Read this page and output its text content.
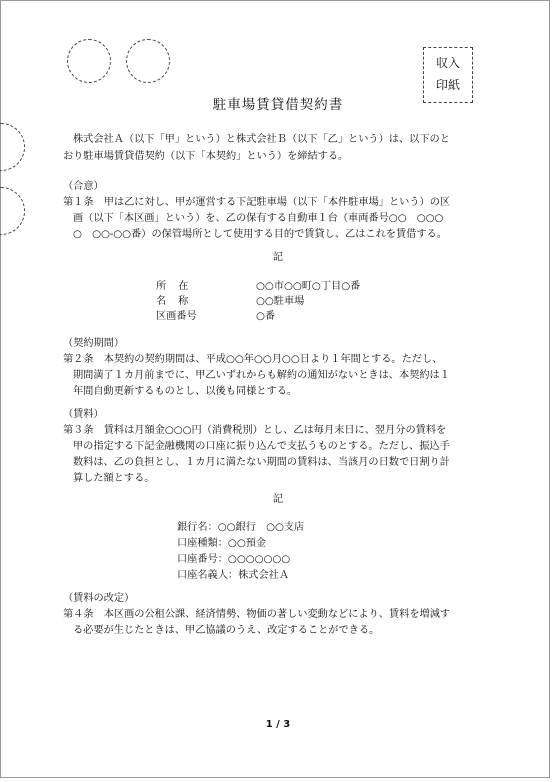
収入
印紙
駐車場賃貸借契約書
株式会社Ａ（以下「甲」という）と株式会社Ｂ（以下「乙」という）は、以下のと
おり駐車場賃貸借契約（以下「本契約」という）を締結する。
（合意）
第１条　甲は乙に対し、甲が運営する下記駐車場（以下「本件駐車場」という）の区
画（以下「本区画」という）を、乙の保有する自動車１台（車両番号○○　○○○
○　○○-○○番）の保管場所として使用する目的で賃貸し、乙はこれを賃借する。
記
所在	○○市○○町○丁目○番
名称	○○駐車場
区画番号	○番
（契約期間）
第２条　本契約の契約期間は、平成○○年○○月○○日より１年間とする。ただし、
期間満了１カ月前までに、甲乙いずれからも解約の通知がないときは、本契約は１
年間自動更新するものとし、以後も同様とする。
（賃料）
第３条　賃料は月額金○○○円（消費税別）とし、乙は毎月末日に、翌月分の賃料を
甲の指定する下記金融機関の口座に振り込んで支払うものとする。ただし、振込手
数料は、乙の負担とし、１カ月に満たない期間の賃料は、当該月の日数で日割り計
算した額とする。
記
銀行名：○○銀行　○○支店
口座種類：○○預金
口座番号：○○○○○○○
口座名義人：株式会社Ａ
（賃料の改定）
第４条　本区画の公租公課、経済情勢、物価の著しい変動などにより、賃料を増減す
る必要が生じたときは、甲乙協議のうえ、改定することができる。
1 / 3
